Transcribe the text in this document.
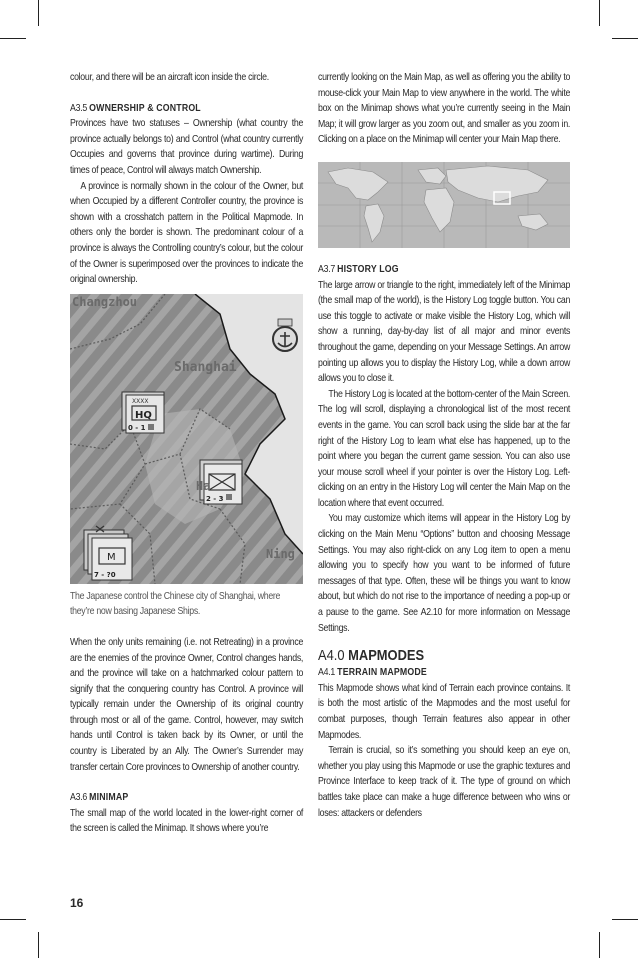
colour, and there will be an aircraft icon inside the circle.

A3.5 OWNERSHIP & CONTROL

Provinces have two statuses – Ownership (what country the province actually belongs to) and Control (what country currently Occupies and governs that province during wartime). During times of peace, Control will always match Ownership.

A province is normally shown in the colour of the Owner, but when Occupied by a different Controller country, the province is shown with a crosshatch pattern in the Political Mapmode. In others only the border is shown. The predominant colour of a province is always the Controlling country’s colour, but the colour of the Owner is superimposed over the provinces to indicate the original ownership.

Changzhou
Shanghai
Ha
Ning
XXXX
HQ
0 - 1
2 - 3
M
7 - ?0

The Japanese control the Chinese city of Shanghai, where they’re now basing Japanese Ships.

When the only units remaining (i.e. not Retreating) in a province are the enemies of the province Owner, Control changes hands, and the province will take on a hatchmarked colour pattern to signify that the conquering country has Control. A province will typically remain under the Ownership of its original country through most or all of the game. Control, however, may switch hands until Control is taken back by its Owner, or until the country is Liberated by an Ally. The Owner’s Surrender may transfer certain Core provinces to Ownership of another country.

A3.6 MINIMAP

The small map of the world located in the lower-right corner of the screen is called the Minimap. It shows where you’re

currently looking on the Main Map, as well as offering you the ability to mouse-click your Main Map to view anywhere in the world. The white box on the Minimap shows what you’re currently seeing in the Main Map; it will grow larger as you zoom out, and smaller as you zoom in. Clicking on a place on the Minimap will center your Main Map there.

A3.7 HISTORY LOG

The large arrow or triangle to the right, immediately left of the Minimap (the small map of the world), is the History Log toggle button. You can use this toggle to activate or make visible the History Log, which will show a running, day-by-day list of all major and minor events throughout the game, depending on your Message Settings. An arrow pointing up allows you to display the History Log, while a down arrow allows you to close it.

The History Log is located at the bottom-center of the Main Screen. The log will scroll, displaying a chronological list of the most recent events in the game. You can scroll back using the slide bar at the far right of the History Log to learn what else has happened, up to the point where you began the current game session. You can also use your mouse scroll wheel if your pointer is over the History Log. Left-clicking on an entry in the History Log will center the Main Map on the location where that event occurred.

You may customize which items will appear in the History Log by clicking on the Main Menu “Options” button and choosing Message Settings. You may also right-click on any Log item to open a menu allowing you to specify how you want to be informed of future messages of that type. Often, these will be things you want to know about, but which do not rise to the importance of needing a pop-up or a pause to the game. See A2.10 for more information on Message Settings.

A4.0 MAPMODES
A4.1 TERRAIN MAPMODE

This Mapmode shows what kind of Terrain each province contains. It is both the most artistic of the Mapmodes and the most useful for combat purposes, though Terrain features also appear in other Mapmodes.

Terrain is crucial, so it’s something you should keep an eye on, whether you play using this Mapmode or use the graphic textures and Province Interface to keep track of it. The type of ground on which battles take place can make a huge difference between who wins or loses: attackers or defenders

16
